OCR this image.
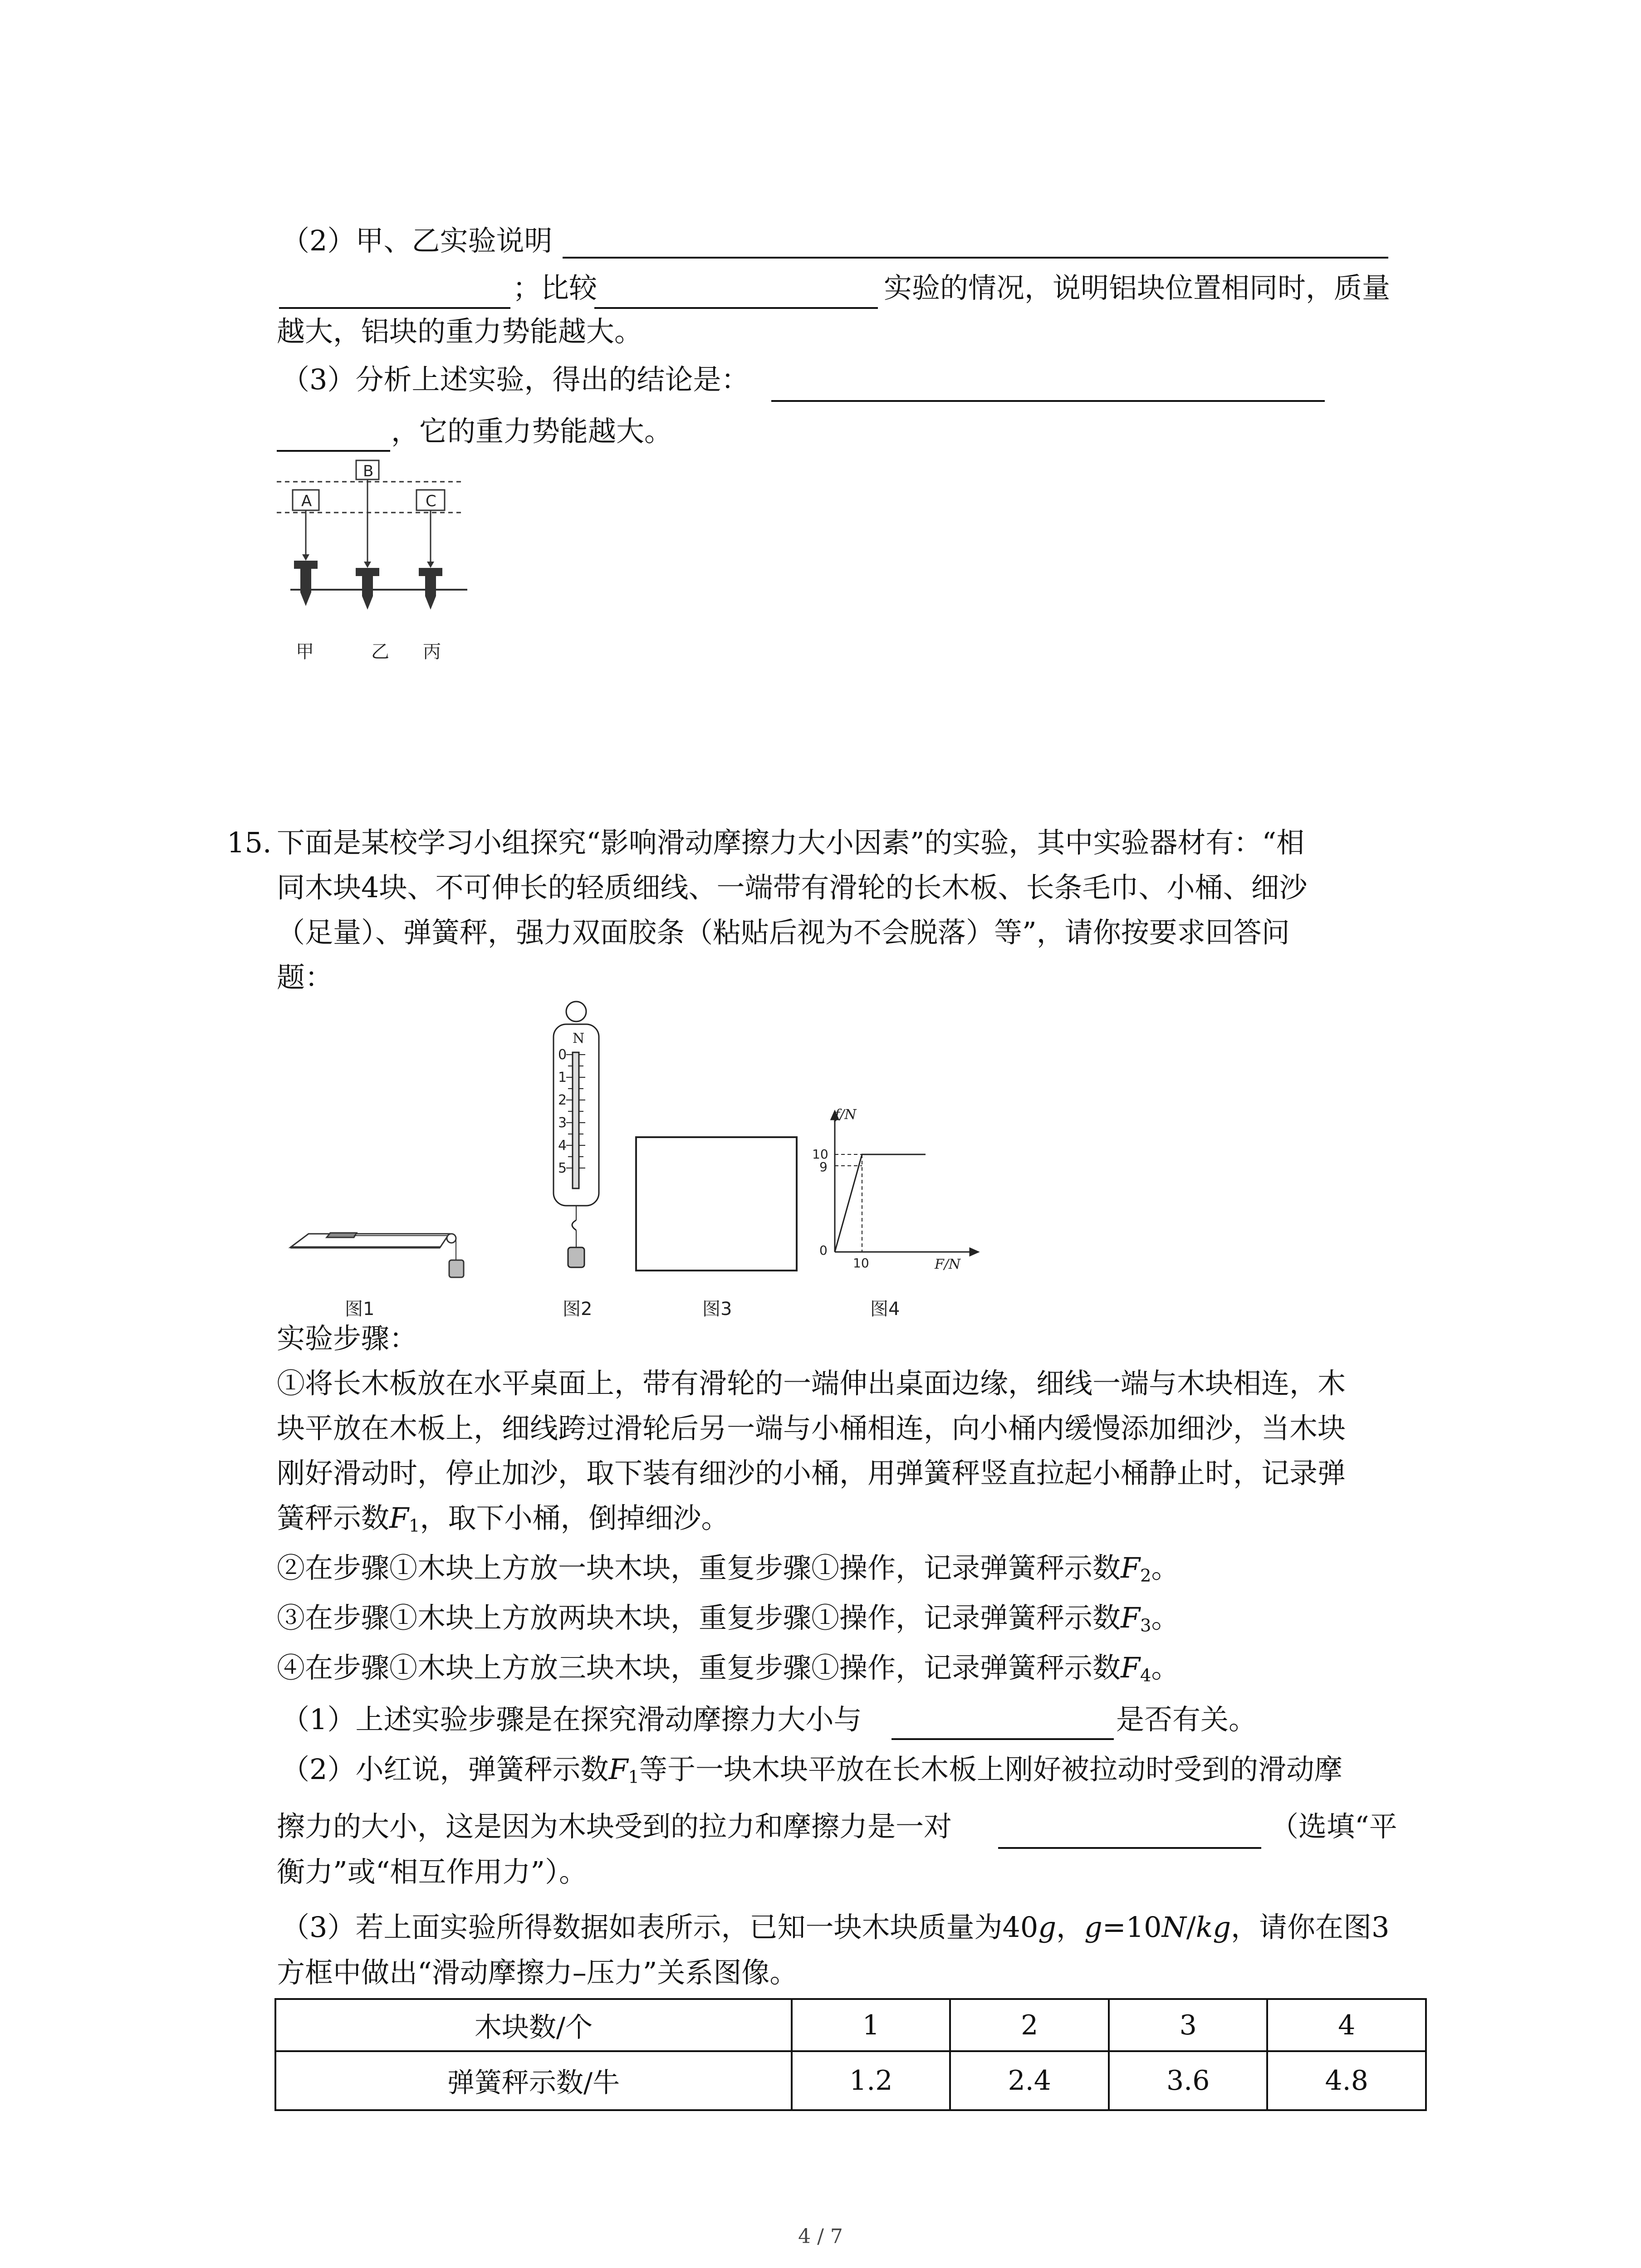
（2）甲、乙实验说明
；比较	实验的情况，说明铝块位置相同时，质量
越大，铝块的重力势能越大。
（3）分析上述实验，得出的结论是：
，它的重力势能越大。
B
A	C
甲	乙 丙
15. 下面是某校学习小组探究“影响滑动摩擦力大小因素”的实验，其中实验器材有：“相
同木块4块、不可伸长的轻质细线、一端带有滑轮的长木板、长条毛巾、小桶、细沙
（足量）、弹簧秤，强力双面胶条（粘贴后视为不会脱落）等”，请你按要求回答问
题：
N
0
1
2
3
4
5
f/N
10
9
0
10	F/N
图1	图2	图3	图4
实验步骤：
①将长木板放在水平桌面上，带有滑轮的一端伸出桌面边缘，细线一端与木块相连，木
块平放在木板上，细线跨过滑轮后另一端与小桶相连，向小桶内缓慢添加细沙，当木块
刚好滑动时，停止加沙，取下装有细沙的小桶，用弹簧秤竖直拉起小桶静止时，记录弹
簧秤示数$F_1$，取下小桶，倒掉细沙。
②在步骤①木块上方放一块木块，重复步骤①操作，记录弹簧秤示数$F_2$。
③在步骤①木块上方放两块木块，重复步骤①操作，记录弹簧秤示数$F_3$。
④在步骤①木块上方放三块木块，重复步骤①操作，记录弹簧秤示数$F_4$。
（1）上述实验步骤是在探究滑动摩擦力大小与	是否有关。
（2）小红说，弹簧秤示数$F_1$等于一块木块平放在长木板上刚好被拉动时受到的滑动摩
擦力的大小，这是因为木块受到的拉力和摩擦力是一对	（选填“平
衡力”或“相互作用力”）。
（3）若上面实验所得数据如表所示，已知一块木块质量为40g，g=10N/kg，请你在图3
方框中做出“滑动摩擦力–压力”关系图像。
木块数/个	1	2	3	4
弹簧秤示数/牛	1.2	2.4	3.6	4.8
4 / 7
